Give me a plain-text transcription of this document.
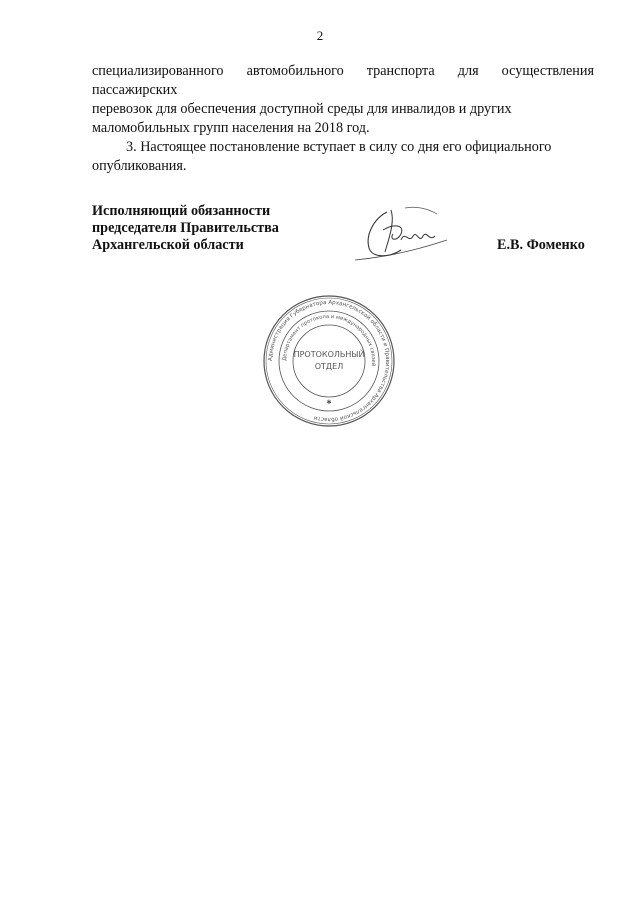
2

специализированного автомобильного транспорта для осуществления пассажирских

перевозок для обеспечения доступной среды для инвалидов и других

маломобильных групп населения на 2018 год.

3. Настоящее постановление вступает в силу со дня его официального

опубликования.

Исполняющий обязанности
председателя Правительства
Архангельской области	Е.В. Фоменко
Администрация Губернатора Архангельской области и Правительства Архангельской области
Департамент протокола и международных связей
ПРОТОКОЛЬНЫЙ
ОТДЕЛ
✱
